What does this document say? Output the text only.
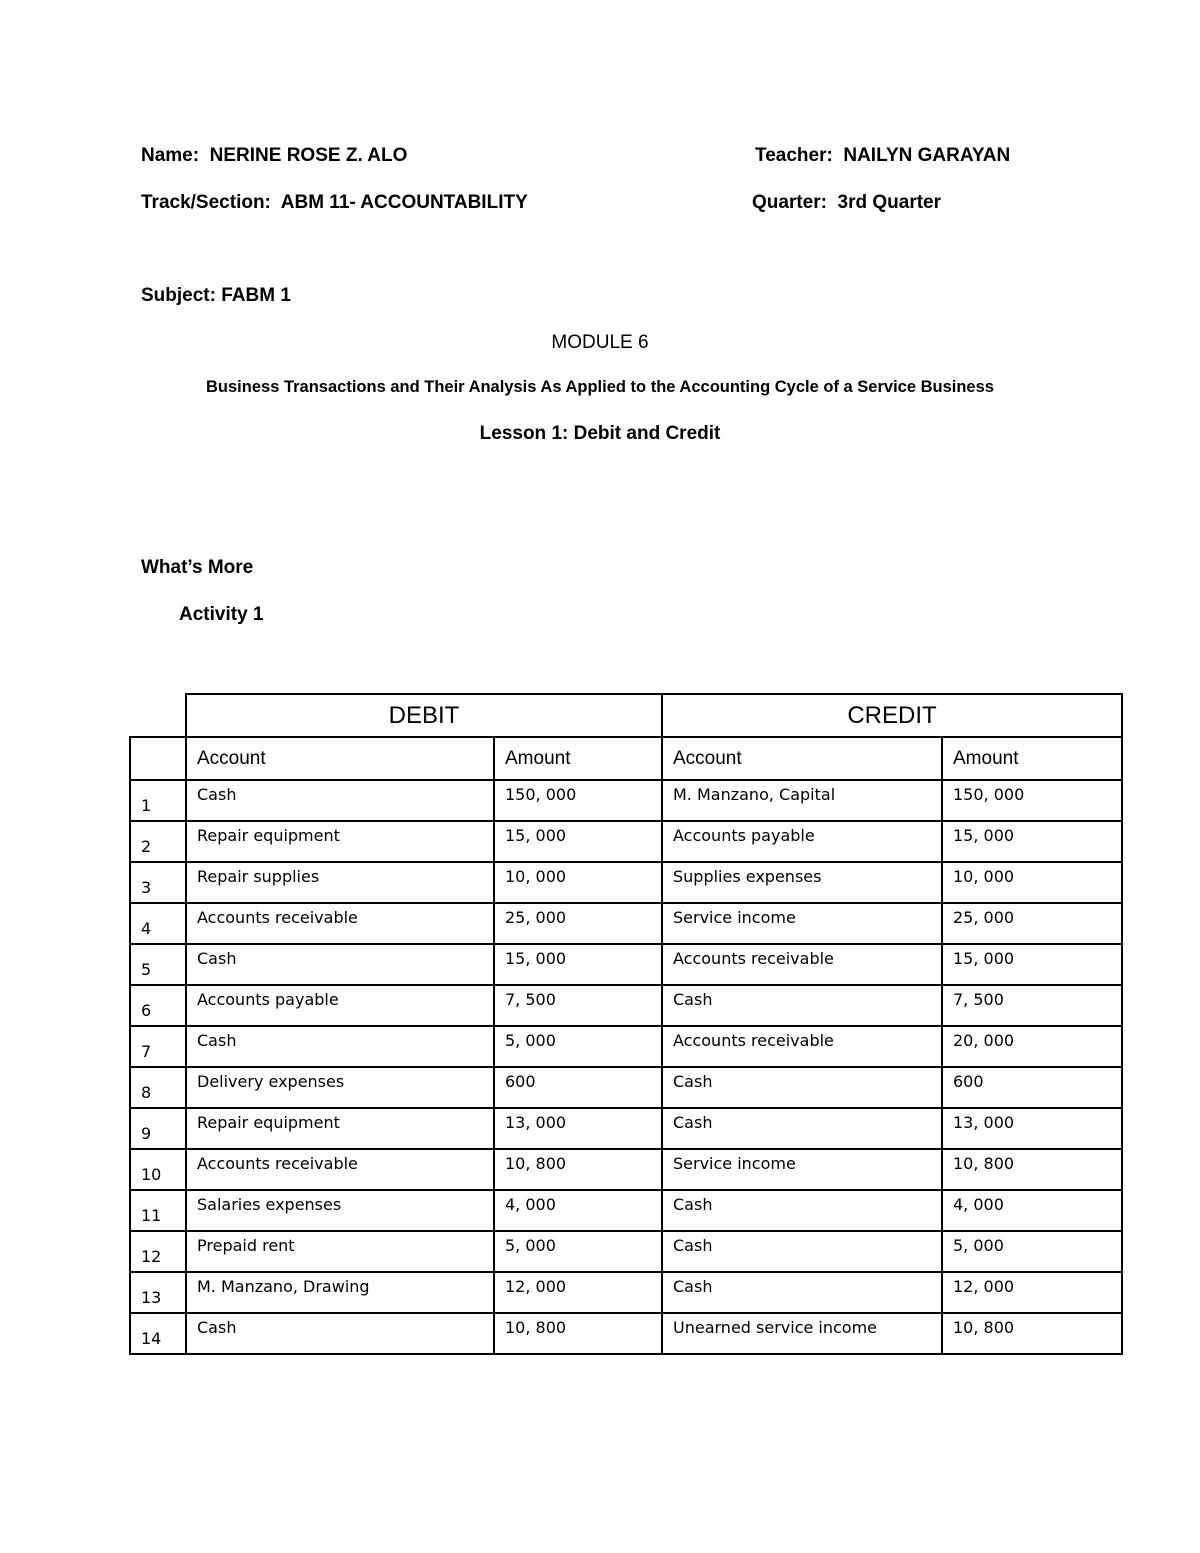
Name: NERINE ROSE Z. ALO	Teacher: NAILYN GARAYAN
Track/Section: ABM 11- ACCOUNTABILITY	Quarter: 3rd Quarter
Subject: FABM 1
MODULE 6
Business Transactions and Their Analysis As Applied to the Accounting Cycle of a Service Business
Lesson 1: Debit and Credit
What’s More
Activity 1
	DEBIT		CREDIT	
	Account	Amount	Account	Amount
1	Cash	150, 000	M. Manzano, Capital	150, 000
2	Repair equipment	15, 000	Accounts payable	15, 000
3	Repair supplies	10, 000	Supplies expenses	10, 000
4	Accounts receivable	25, 000	Service income	25, 000
5	Cash	15, 000	Accounts receivable	15, 000
6	Accounts payable	7, 500	Cash	7, 500
7	Cash	5, 000	Accounts receivable	20, 000
8	Delivery expenses	600	Cash	600
9	Repair equipment	13, 000	Cash	13, 000
10	Accounts receivable	10, 800	Service income	10, 800
11	Salaries expenses	4, 000	Cash	4, 000
12	Prepaid rent	5, 000	Cash	5, 000
13	M. Manzano, Drawing	12, 000	Cash	12, 000
14	Cash	10, 800	Unearned service income	10, 800
